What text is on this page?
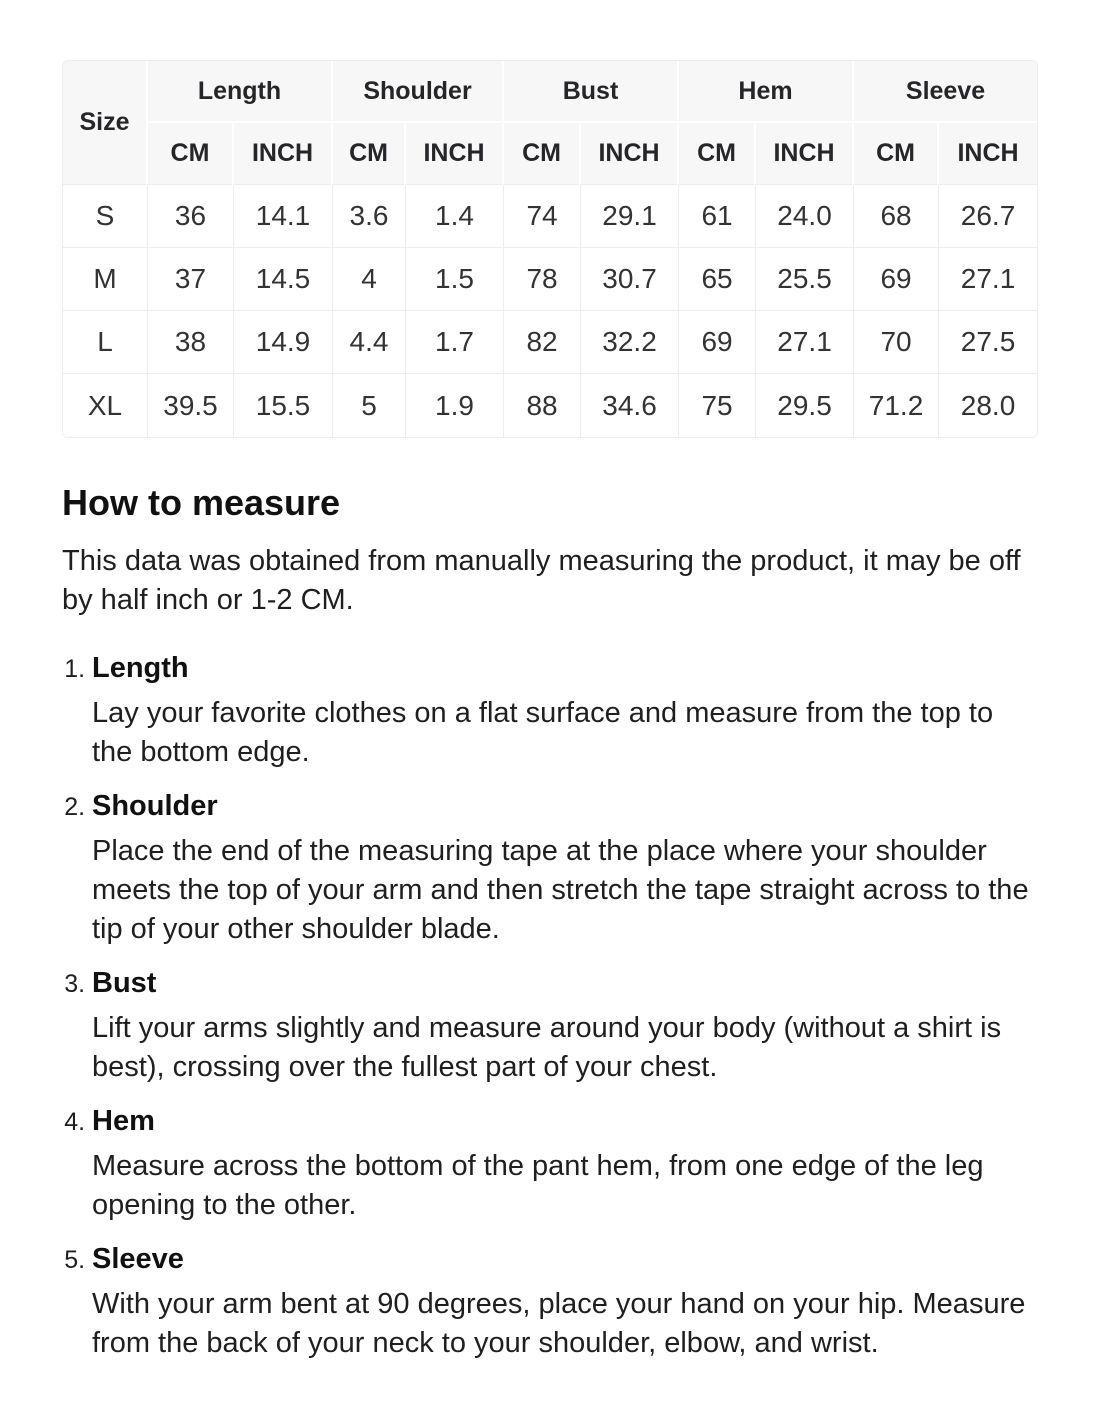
Size	Length		Shoulder		Bust		Hem		Sleeve	
	CM	INCH	CM	INCH	CM	INCH	CM	INCH	CM	INCH
S	36	14.1	3.6	1.4	74	29.1	61	24.0	68	26.7
M	37	14.5	4	1.5	78	30.7	65	25.5	69	27.1
L	38	14.9	4.4	1.7	82	32.2	69	27.1	70	27.5
XL	39.5	15.5	5	1.9	88	34.6	75	29.5	71.2	28.0
How to measure

This data was obtained from manually measuring the product, it may be off by half inch or 1-2 CM.

1. Length

Lay your favorite clothes on a flat surface and measure from the top to the bottom edge.

2. Shoulder

Place the end of the measuring tape at the place where your shoulder meets the top of your arm and then stretch the tape straight across to the tip of your other shoulder blade.

3. Bust

Lift your arms slightly and measure around your body (without a shirt is best), crossing over the fullest part of your chest.

4. Hem

Measure across the bottom of the pant hem, from one edge of the leg opening to the other.

5. Sleeve

With your arm bent at 90 degrees, place your hand on your hip. Measure from the back of your neck to your shoulder, elbow, and wrist.
